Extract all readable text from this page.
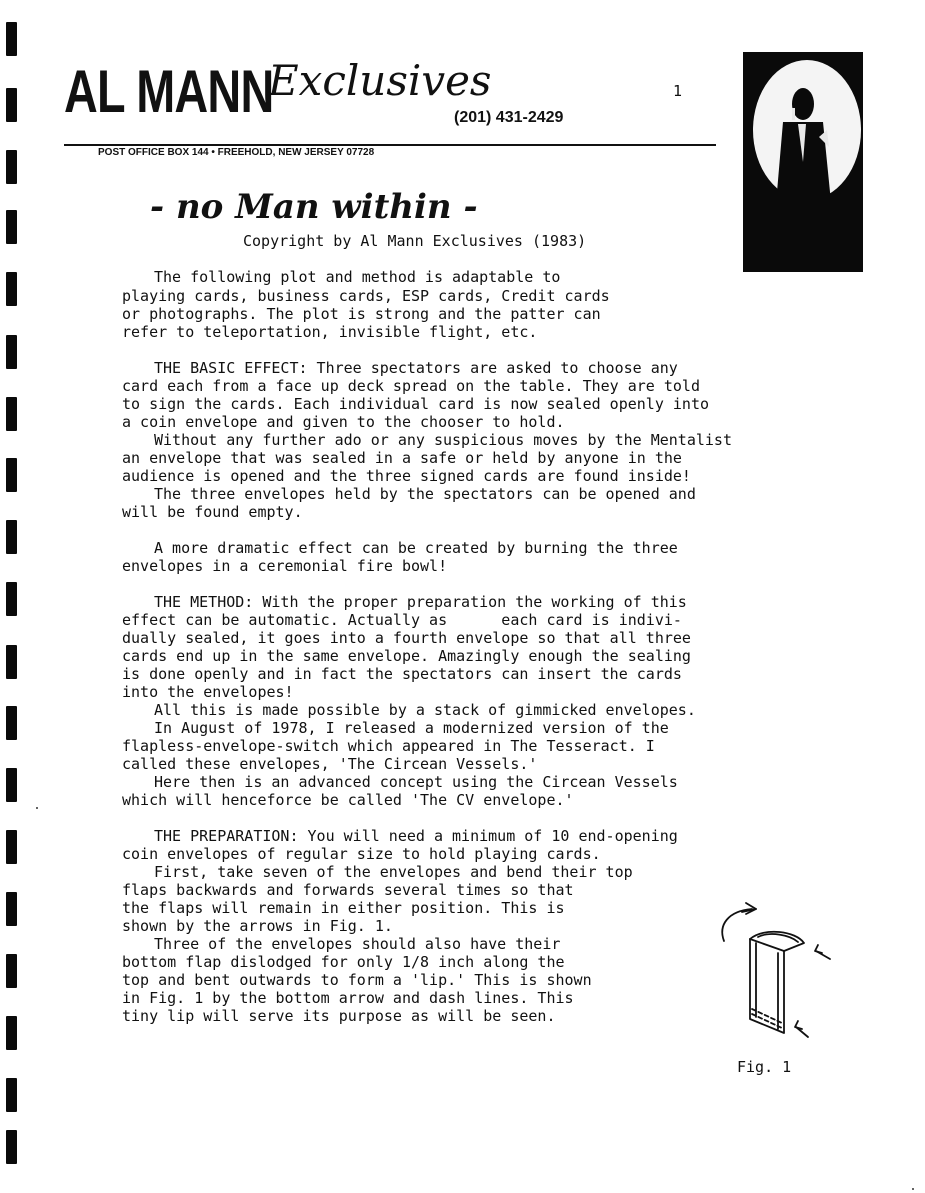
AL MANN
Exclusives
(201) 431-2429
1
POST OFFICE BOX 144 • FREEHOLD, NEW JERSEY 07728
- no Man within -
Copyright by Al Mann Exclusives (1983)
The following plot and method is adaptable to
playing cards, business cards, ESP cards, Credit cards
or photographs. The plot is strong and the patter can
refer to teleportation, invisible flight, etc.
THE BASIC EFFECT: Three spectators are asked to choose any
card each from a face up deck spread on the table. They are told
to sign the cards. Each individual card is now sealed openly into
a coin envelope and given to the chooser to hold.
Without any further ado or any suspicious moves by the Mentalist
an envelope that was sealed in a safe or held by anyone in the
audience is opened and the three signed cards are found inside!
The three envelopes held by the spectators can be opened and
will be found empty.
A more dramatic effect can be created by burning the three
envelopes in a ceremonial fire bowl!
THE METHOD: With the proper preparation the working of this
effect can be automatic. Actually as      each card is indivi-
dually sealed, it goes into a fourth envelope so that all three
cards end up in the same envelope. Amazingly enough the sealing
is done openly and in fact the spectators can insert the cards
into the envelopes!
All this is made possible by a stack of gimmicked envelopes.
In August of 1978, I released a modernized version of the
flapless-envelope-switch which appeared in The Tesseract. I
called these envelopes, 'The Circean Vessels.'
Here then is an advanced concept using the Circean Vessels
which will henceforce be called 'The CV envelope.'
THE PREPARATION: You will need a minimum of 10 end-opening
coin envelopes of regular size to hold playing cards.
First, take seven of the envelopes and bend their top
flaps backwards and forwards several times so that
the flaps will remain in either position. This is
shown by the arrows in Fig. 1.
Three of the envelopes should also have their
bottom flap dislodged for only 1/8 inch along the
top and bent outwards to form a 'lip.' This is shown
in Fig. 1 by the bottom arrow and dash lines. This
tiny lip will serve its purpose as will be seen.
Fig. 1
